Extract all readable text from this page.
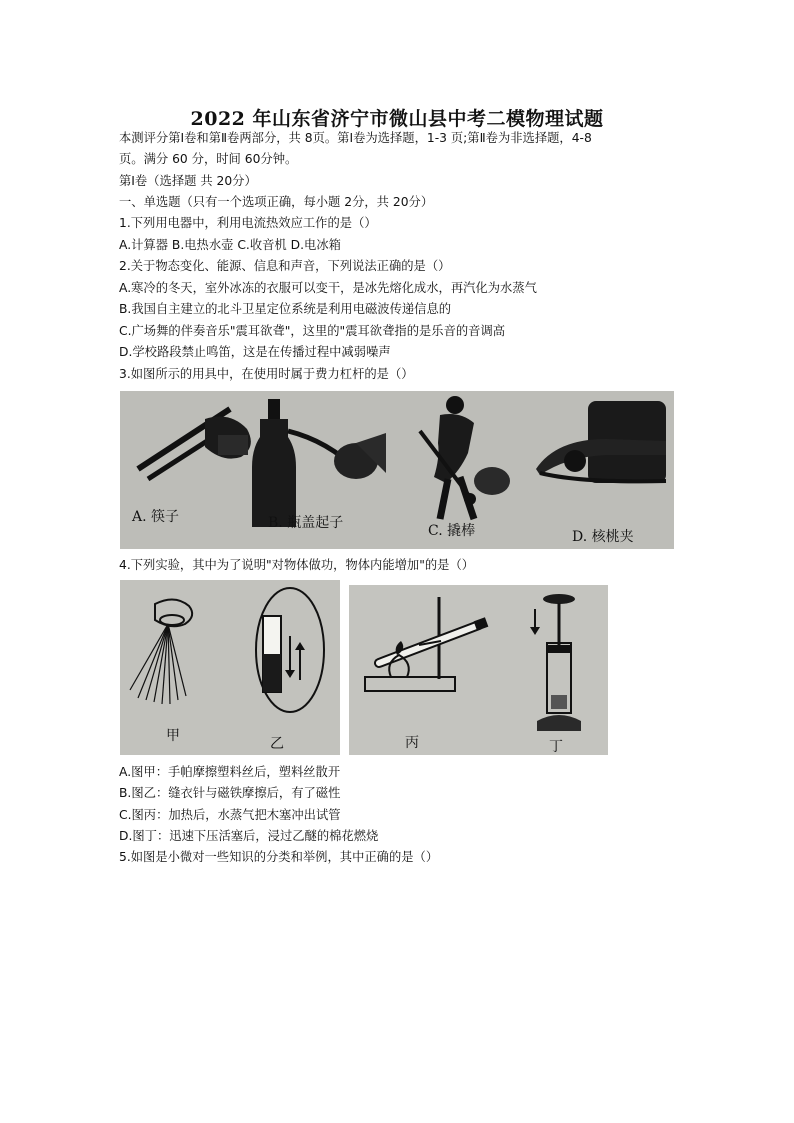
2022 年山东省济宁市微山县中考二模物理试题
本测评分第Ⅰ卷和第Ⅱ卷两部分，共 8页。第Ⅰ卷为选择题，1-3 页;第Ⅱ卷为非选择题，4-8
页。满分 60 分，时间 60分钟。
第Ⅰ卷（选择题 共 20分）
一、单选题（只有一个选项正确，每小题 2分，共 20分）
1.下列用电器中，利用电流热效应工作的是（）
A.计算器 B.电热水壶 C.收音机 D.电冰箱
2.关于物态变化、能源、信息和声音，下列说法正确的是（）
A.寒冷的冬天，室外冰冻的衣服可以变干，是冰先熔化成水，再汽化为水蒸气
B.我国自主建立的北斗卫星定位系统是利用电磁波传递信息的
C.广场舞的伴奏音乐"震耳欲聋"，这里的"震耳欲聋指的是乐音的音调高
D.学校路段禁止鸣笛，这是在传播过程中减弱噪声
3.如图所示的用具中，在使用时属于费力杠杆的是（）
A. 筷子	B. 瓶盖起子	C. 撬棒	D. 核桃夹
4.下列实验，其中为了说明"对物体做功，物体内能增加"的是（）
甲	乙	丙	丁
A.图甲：手帕摩擦塑料丝后，塑料丝散开
B.图乙：缝衣针与磁铁摩擦后，有了磁性
C.图丙：加热后，水蒸气把木塞冲出试管
D.图丁：迅速下压活塞后，浸过乙醚的棉花燃烧
5.如图是小微对一些知识的分类和举例，其中正确的是（）
